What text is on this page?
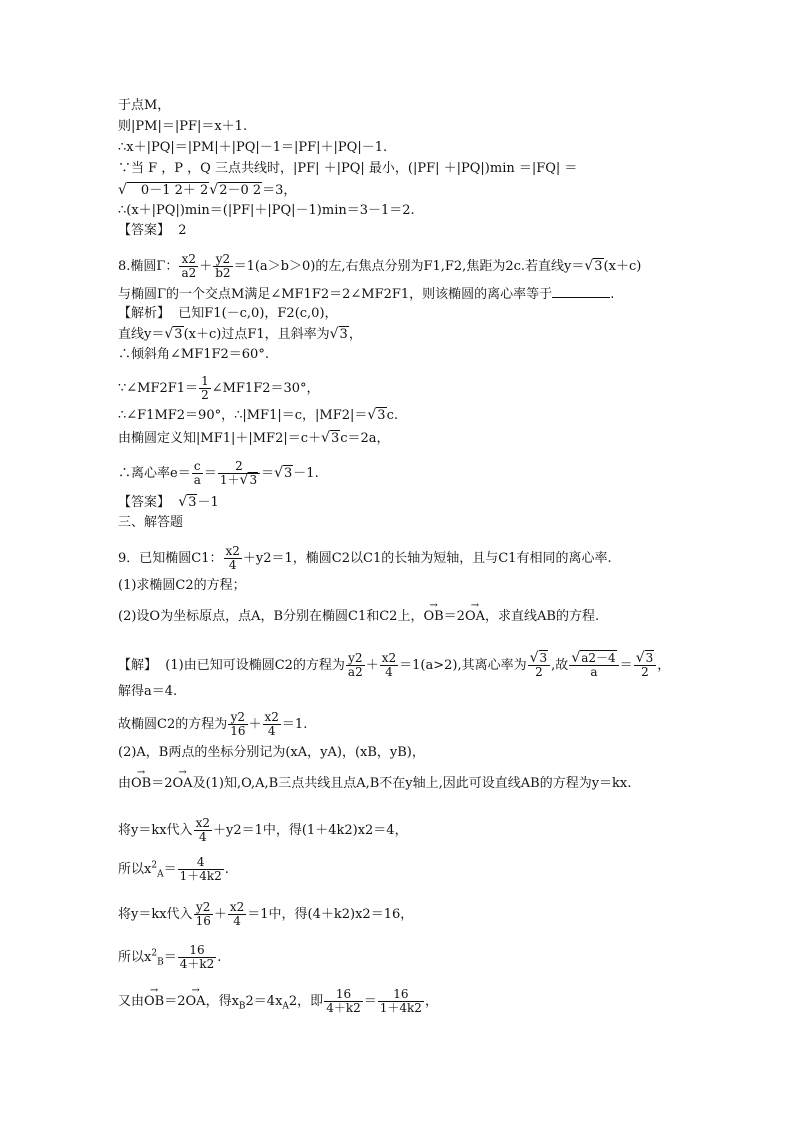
于点M，
则|PM|＝|PF|＝x＋1.
∴x＋|PQ|＝|PM|＋|PQ|－1＝|PF|＋|PQ|－1.
∵当 F ，P ，Q 三点共线时，|PF| ＋|PQ| 最小，(|PF| ＋|PQ|)min ＝|FQ| ＝
√ 0－1 2＋ 2√2－0 2＝3，
∴(x＋|PQ|)min＝(|PF|＋|PQ|－1)min＝3－1＝2.
【答案】 2
8.椭圆Γ： $\frac{x2}{a2} + \frac{y2}{b2} =1(a>b>0)$的左,右焦点分别为F1,F2,焦距为2c.若直线y＝√3(x＋c)
与椭圆Γ的一个交点M满足∠MF1F2＝2∠MF2F1，则该椭圆的离心率等于	.
【解析】 已知F1(－c,0)，F2(c,0)，
直线y＝√3(x＋c)过点F1，且斜率为√3，
∴倾斜角∠MF1F2＝60°.
∵∠MF2F1＝ $\frac{1}{2}$ ∠MF1F2＝30°，
∴∠F1MF2＝90°，∴|MF1|＝c，|MF2|＝√3c.
由椭圆定义知|MF1|＋|MF2|＝c＋√3c＝2a，
∴离心率$e= \frac{c}{a} = \frac{2}{1+√3} =√3-1$.
【答案】 √3－1
三、解答题
9．已知椭圆C1： $\frac{x2}{4} +y2=1$，椭圆C2以C1的长轴为短轴，且与C1有相同的离心率.
(1)求椭圆C2的方程；
(2)设O为坐标原点，点A，B分别在椭圆C1和C2上，→ OB＝2→ OA，求直线AB的方程.
【解】 (1)由已知可设椭圆C2的方程为 $\frac{y2}{a2} + \frac{x2}{4} =1(a>2)$,其离心率为 $\frac{√3}{2}$ ,故 $\frac{√a2-4}{a} = \frac{√3}{2}$ ，
解得a＝4.
故椭圆C2的方程为 $\frac{y2}{16} + \frac{x2}{4} =1$.
(2)A，B两点的坐标分别记为(xA，yA)，(xB，yB)，
由→ OB＝2→ OA及(1)知,O,A,B三点共线且点A,B不在y轴上,因此可设直线AB的方程为y＝kx.
将y＝kx代入 $\frac{x2}{4} +y2=1$中，得(1＋4k2)x2＝4，
所以$x^2_A= \frac{4}{1+4k2}$ .
将y＝kx代入 $\frac{y2}{16} + \frac{x2}{4} =1$中，得(4＋k2)x2＝16，
所以$x^2_B= \frac{16}{4+k2}$ .
又由→ OB＝2→ OA，得$x_B2=4x_A2$，即 $\frac{16}{4+k2} = \frac{16}{1+4k2}$ ，
